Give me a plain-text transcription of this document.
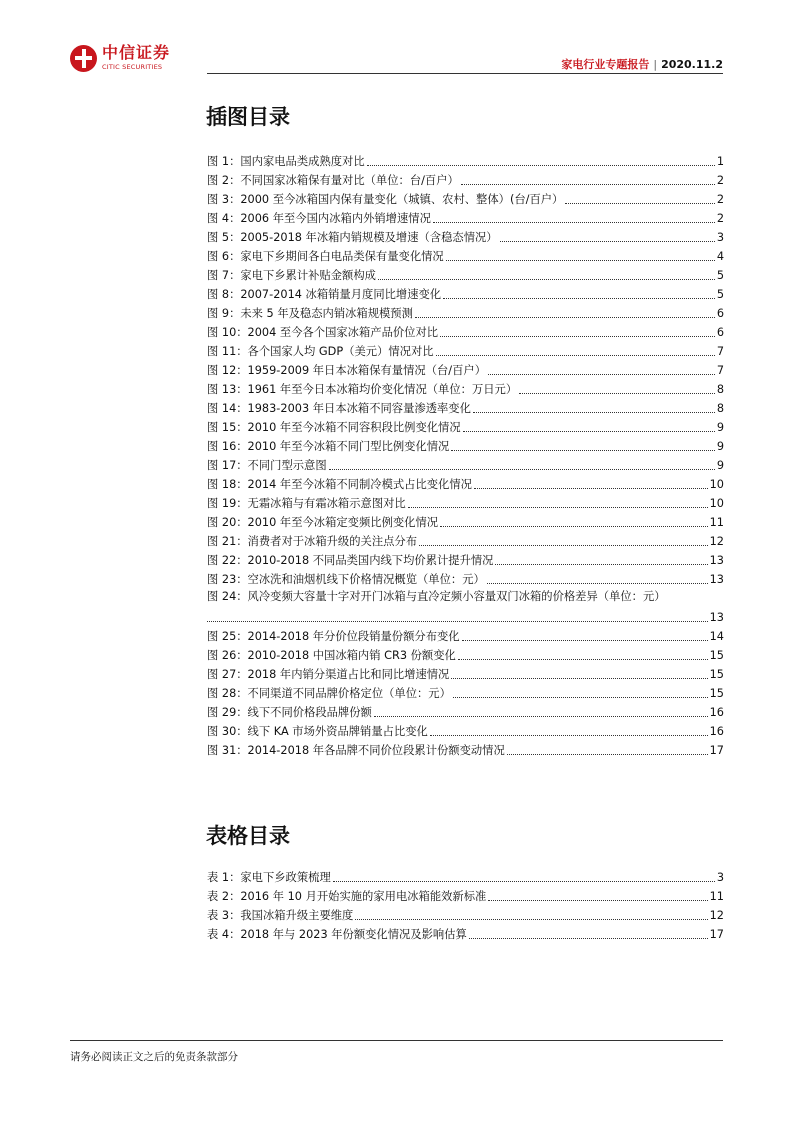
中信证券
CITIC SECURITIES	家电行业专题报告 | 2020.11.2
插图目录
图 1：国内家电品类成熟度对比	1
图 2：不同国家冰箱保有量对比（单位：台/百户）	2
图 3：2000 至今冰箱国内保有量变化（城镇、农村、整体）(台/百户）	2
图 4：2006 年至今国内冰箱内外销增速情况	2
图 5：2005-2018 年冰箱内销规模及增速（含稳态情况）	3
图 6：家电下乡期间各白电品类保有量变化情况	4
图 7：家电下乡累计补贴金额构成	5
图 8：2007-2014 冰箱销量月度同比增速变化	5
图 9：未来 5 年及稳态内销冰箱规模预测	6
图 10：2004 至今各个国家冰箱产品价位对比	6
图 11：各个国家人均 GDP（美元）情况对比	7
图 12：1959-2009 年日本冰箱保有量情况（台/百户）	7
图 13：1961 年至今日本冰箱均价变化情况（单位：万日元）	8
图 14：1983-2003 年日本冰箱不同容量渗透率变化	8
图 15：2010 年至今冰箱不同容积段比例变化情况	9
图 16：2010 年至今冰箱不同门型比例变化情况	9
图 17：不同门型示意图	9
图 18：2014 年至今冰箱不同制冷模式占比变化情况	10
图 19：无霜冰箱与有霜冰箱示意图对比	10
图 20：2010 年至今冰箱定变频比例变化情况	11
图 21：消费者对于冰箱升级的关注点分布	12
图 22：2010-2018 不同品类国内线下均价累计提升情况	13
图 23：空冰洗和油烟机线下价格情况概览（单位：元）	13
图 24：风冷变频大容量十字对开门冰箱与直冷定频小容量双门冰箱的价格差异（单位：元）
13
图 25：2014-2018 年分价位段销量份额分布变化	14
图 26：2010-2018 中国冰箱内销 CR3 份额变化	15
图 27：2018 年内销分渠道占比和同比增速情况	15
图 28：不同渠道不同品牌价格定位（单位：元）	15
图 29：线下不同价格段品牌份额	16
图 30：线下 KA 市场外资品牌销量占比变化	16
图 31：2014-2018 年各品牌不同价位段累计份额变动情况	17
表格目录
表 1：家电下乡政策梳理	3
表 2：2016 年 10 月开始实施的家用电冰箱能效新标准	11
表 3：我国冰箱升级主要维度	12
表 4：2018 年与 2023 年份额变化情况及影响估算	17
请务必阅读正文之后的免责条款部分
